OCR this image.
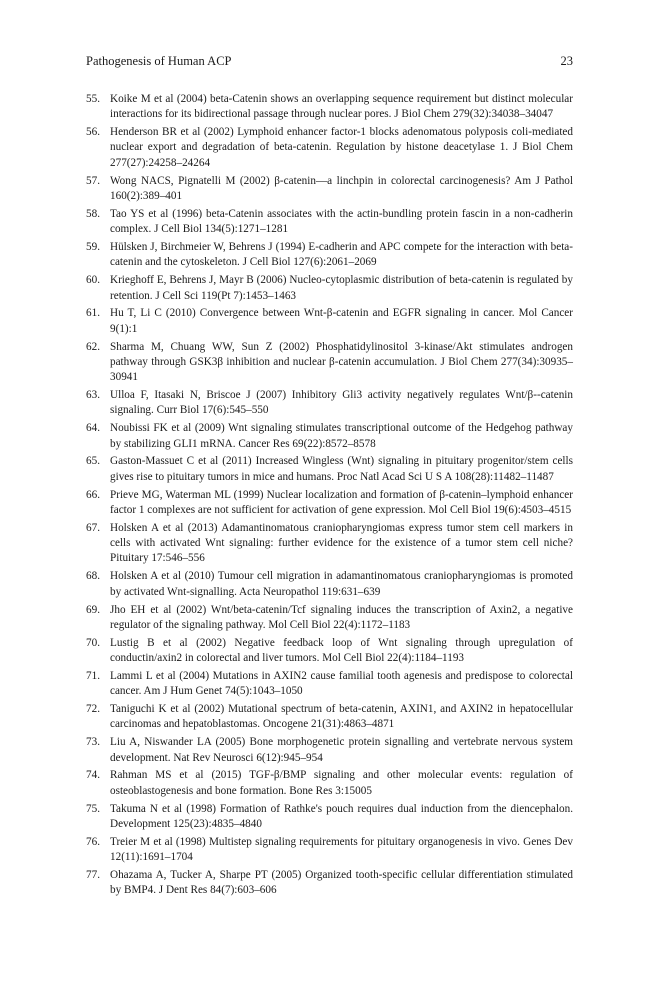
Pathogenesis of Human ACP	23
55. Koike M et al (2004) beta-Catenin shows an overlapping sequence requirement but distinct molecular interactions for its bidirectional passage through nuclear pores. J Biol Chem 279(32):34038–34047
56. Henderson BR et al (2002) Lymphoid enhancer factor-1 blocks adenomatous polyposis coli-mediated nuclear export and degradation of beta-catenin. Regulation by histone deacetylase 1. J Biol Chem 277(27):24258–24264
57. Wong NACS, Pignatelli M (2002) β-catenin—a linchpin in colorectal carcinogenesis? Am J Pathol 160(2):389–401
58. Tao YS et al (1996) beta-Catenin associates with the actin-bundling protein fascin in a non-cadherin complex. J Cell Biol 134(5):1271–1281
59. Hülsken J, Birchmeier W, Behrens J (1994) E-cadherin and APC compete for the interaction with beta-catenin and the cytoskeleton. J Cell Biol 127(6):2061–2069
60. Krieghoff E, Behrens J, Mayr B (2006) Nucleo-cytoplasmic distribution of beta-catenin is regulated by retention. J Cell Sci 119(Pt 7):1453–1463
61. Hu T, Li C (2010) Convergence between Wnt-β-catenin and EGFR signaling in cancer. Mol Cancer 9(1):1
62. Sharma M, Chuang WW, Sun Z (2002) Phosphatidylinositol 3-kinase/Akt stimulates androgen pathway through GSK3β inhibition and nuclear β-catenin accumulation. J Biol Chem 277(34):30935–30941
63. Ulloa F, Itasaki N, Briscoe J (2007) Inhibitory Gli3 activity negatively regulates Wnt/β--catenin signaling. Curr Biol 17(6):545–550
64. Noubissi FK et al (2009) Wnt signaling stimulates transcriptional outcome of the Hedgehog pathway by stabilizing GLI1 mRNA. Cancer Res 69(22):8572–8578
65. Gaston-Massuet C et al (2011) Increased Wingless (Wnt) signaling in pituitary progenitor/stem cells gives rise to pituitary tumors in mice and humans. Proc Natl Acad Sci U S A 108(28):11482–11487
66. Prieve MG, Waterman ML (1999) Nuclear localization and formation of β-catenin–lymphoid enhancer factor 1 complexes are not sufficient for activation of gene expression. Mol Cell Biol 19(6):4503–4515
67. Holsken A et al (2013) Adamantinomatous craniopharyngiomas express tumor stem cell markers in cells with activated Wnt signaling: further evidence for the existence of a tumor stem cell niche? Pituitary 17:546–556
68. Holsken A et al (2010) Tumour cell migration in adamantinomatous craniopharyngiomas is promoted by activated Wnt-signalling. Acta Neuropathol 119:631–639
69. Jho EH et al (2002) Wnt/beta-catenin/Tcf signaling induces the transcription of Axin2, a negative regulator of the signaling pathway. Mol Cell Biol 22(4):1172–1183
70. Lustig B et al (2002) Negative feedback loop of Wnt signaling through upregulation of conductin/axin2 in colorectal and liver tumors. Mol Cell Biol 22(4):1184–1193
71. Lammi L et al (2004) Mutations in AXIN2 cause familial tooth agenesis and predispose to colorectal cancer. Am J Hum Genet 74(5):1043–1050
72. Taniguchi K et al (2002) Mutational spectrum of beta-catenin, AXIN1, and AXIN2 in hepatocellular carcinomas and hepatoblastomas. Oncogene 21(31):4863–4871
73. Liu A, Niswander LA (2005) Bone morphogenetic protein signalling and vertebrate nervous system development. Nat Rev Neurosci 6(12):945–954
74. Rahman MS et al (2015) TGF-β/BMP signaling and other molecular events: regulation of osteoblastogenesis and bone formation. Bone Res 3:15005
75. Takuma N et al (1998) Formation of Rathke's pouch requires dual induction from the diencephalon. Development 125(23):4835–4840
76. Treier M et al (1998) Multistep signaling requirements for pituitary organogenesis in vivo. Genes Dev 12(11):1691–1704
77. Ohazama A, Tucker A, Sharpe PT (2005) Organized tooth-specific cellular differentiation stimulated by BMP4. J Dent Res 84(7):603–606
